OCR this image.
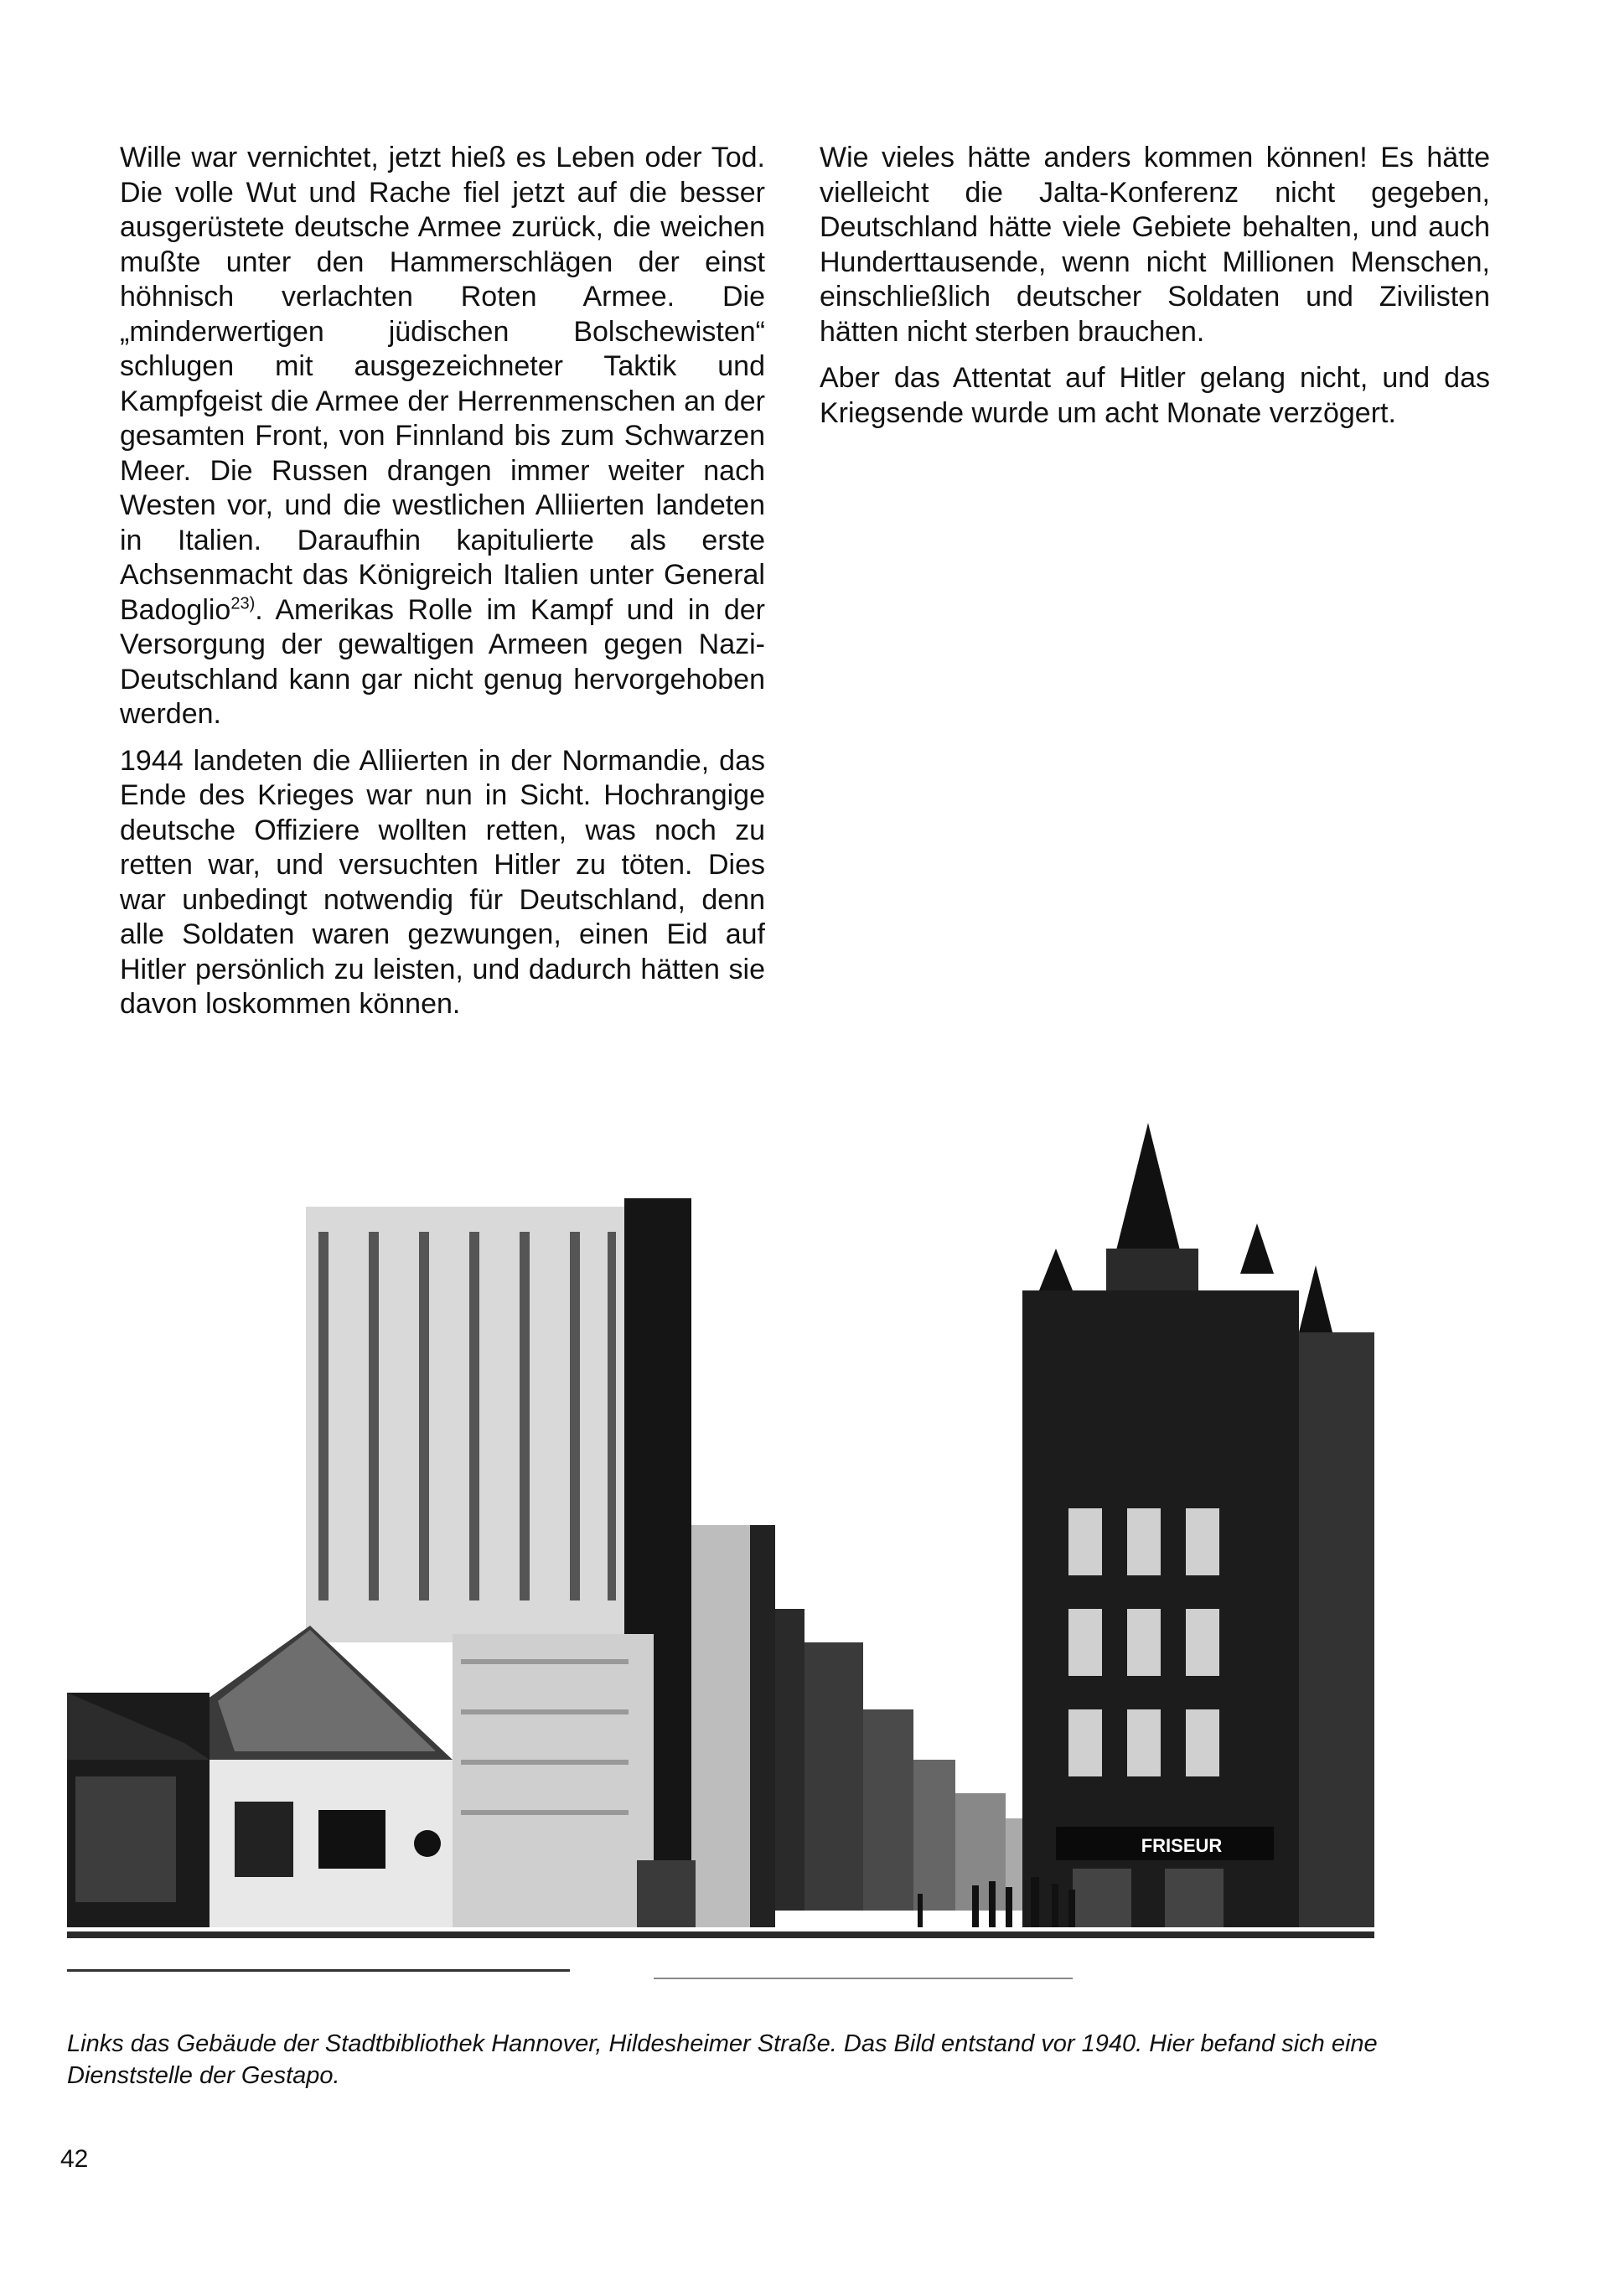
Wille war vernichtet, jetzt hieß es Leben oder Tod. Die volle Wut und Rache fiel jetzt auf die besser ausgerüstete deutsche Armee zurück, die weichen mußte unter den Hammerschlägen der einst höhnisch verlachten Roten Armee. Die „minderwertigen jüdischen Bolschewisten“ schlugen mit ausgezeichneter Taktik und Kampfgeist die Armee der Herrenmenschen an der gesamten Front, von Finnland bis zum Schwarzen Meer. Die Russen drangen immer weiter nach Westen vor, und die westlichen Alliierten landeten in Italien. Daraufhin kapitulierte als erste Achsenmacht das Königreich Italien unter General Badoglio$^{23)}$. Amerikas Rolle im Kampf und in der Versorgung der gewaltigen Armeen gegen Nazi-Deutschland kann gar nicht genug hervorgehoben werden.

1944 landeten die Alliierten in der Normandie, das Ende des Krieges war nun in Sicht. Hochrangige deutsche Offiziere wollten retten, was noch zu retten war, und versuchten Hitler zu töten. Dies war unbedingt notwendig für Deutschland, denn alle Soldaten waren gezwungen, einen Eid auf Hitler persönlich zu leisten, und dadurch hätten sie davon loskommen können.

Wie vieles hätte anders kommen können! Es hätte vielleicht die Jalta-Konferenz nicht gegeben, Deutschland hätte viele Gebiete behalten, und auch Hunderttausende, wenn nicht Millionen Menschen, einschließlich deutscher Soldaten und Zivilisten hätten nicht sterben brauchen.

Aber das Attentat auf Hitler gelang nicht, und das Kriegsende wurde um acht Monate verzögert.

FRISEUR

Links das Gebäude der Stadtbibliothek Hannover, Hildesheimer Straße. Das Bild entstand vor 1940. Hier befand sich eine Dienststelle der Gestapo.

42
